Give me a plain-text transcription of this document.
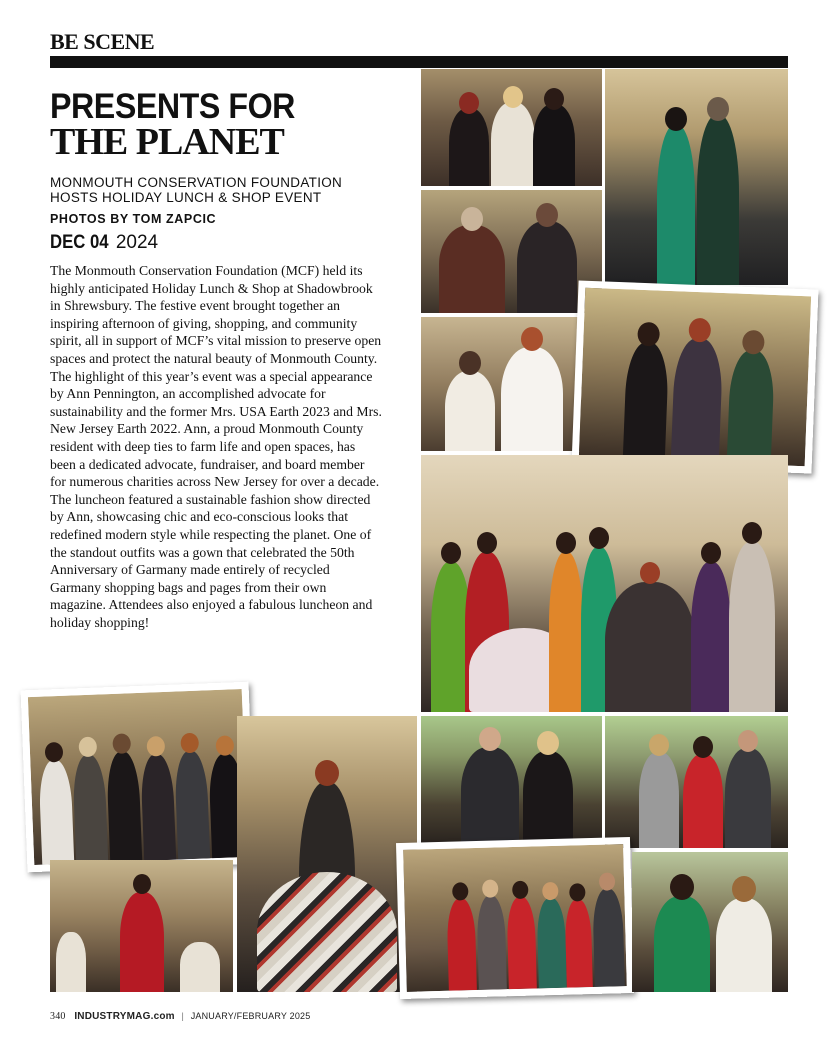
BE SCENE
PRESENTS FOR
THE PLANET
MONMOUTH CONSERVATION FOUNDATION
HOSTS HOLIDAY LUNCH & SHOP EVENT
PHOTOS BY TOM ZAPCIC
DEC 04 2024

The Monmouth Conservation Foundation (MCF) held its highly anticipated Holiday Lunch & Shop at Shadowbrook in Shrewsbury. The festive event brought together an inspiring afternoon of giving, shopping, and community spirit, all in support of MCF’s vital mission to preserve open spaces and protect the natural beauty of Monmouth County. The highlight of this year’s event was a special appearance by Ann Pennington, an accomplished advocate for sustainability and the former Mrs. USA Earth 2023 and Mrs. New Jersey Earth 2022. Ann, a proud Monmouth County resident with deep ties to farm life and open spaces, has been a dedicated advocate, fundraiser, and board member for numerous charities across New Jersey for over a decade. The luncheon featured a sustainable fashion show directed by Ann, showcasing chic and eco-conscious looks that redefined modern style while respecting the planet. One of the standout outfits was a gown that celebrated the 50th Anniversary of Garmany made entirely of recycled Garmany shopping bags and pages from their own magazine. Attendees also enjoyed a fabulous luncheon and holiday shopping!

340 INDUSTRYMAG.com | JANUARY/FEBRUARY 2025
